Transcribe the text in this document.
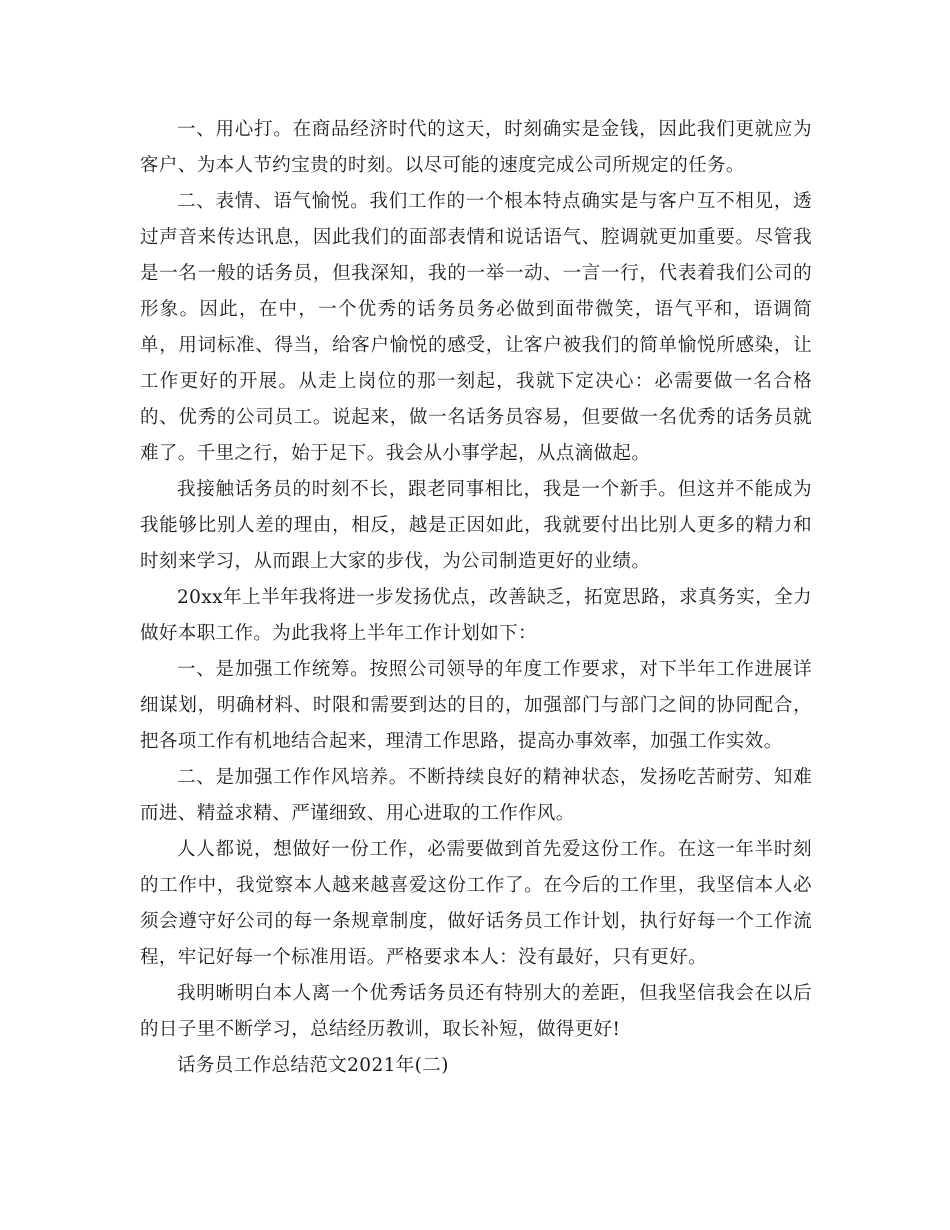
一、用心打。在商品经济时代的这天，时刻确实是金钱，因此我们更就应为客户、为本人节约宝贵的时刻。以尽可能的速度完成公司所规定的任务。

二、表情、语气愉悦。我们工作的一个根本特点确实是与客户互不相见，透过声音来传达讯息，因此我们的面部表情和说话语气、腔调就更加重要。尽管我是一名一般的话务员，但我深知，我的一举一动、一言一行，代表着我们公司的形象。因此，在中，一个优秀的话务员务必做到面带微笑，语气平和，语调简单，用词标准、得当，给客户愉悦的感受，让客户被我们的简单愉悦所感染，让工作更好的开展。从走上岗位的那一刻起，我就下定决心：必需要做一名合格的、优秀的公司员工。说起来，做一名话务员容易，但要做一名优秀的话务员就难了。千里之行，始于足下。我会从小事学起，从点滴做起。

我接触话务员的时刻不长，跟老同事相比，我是一个新手。但这并不能成为我能够比别人差的理由，相反，越是正因如此，我就要付出比别人更多的精力和时刻来学习，从而跟上大家的步伐，为公司制造更好的业绩。

20xx年上半年我将进一步发扬优点，改善缺乏，拓宽思路，求真务实，全力做好本职工作。为此我将上半年工作计划如下：

一、是加强工作统筹。按照公司领导的年度工作要求，对下半年工作进展详细谋划，明确材料、时限和需要到达的目的，加强部门与部门之间的协同配合，把各项工作有机地结合起来，理清工作思路，提高办事效率，加强工作实效。

二、是加强工作作风培养。不断持续良好的精神状态，发扬吃苦耐劳、知难而进、精益求精、严谨细致、用心进取的工作作风。

人人都说，想做好一份工作，必需要做到首先爱这份工作。在这一年半时刻的工作中，我觉察本人越来越喜爱这份工作了。在今后的工作里，我坚信本人必须会遵守好公司的每一条规章制度，做好话务员工作计划，执行好每一个工作流程，牢记好每一个标准用语。严格要求本人：没有最好，只有更好。

我明晰明白本人离一个优秀话务员还有特别大的差距，但我坚信我会在以后的日子里不断学习，总结经历教训，取长补短，做得更好!

话务员工作总结范文2021年(二)
